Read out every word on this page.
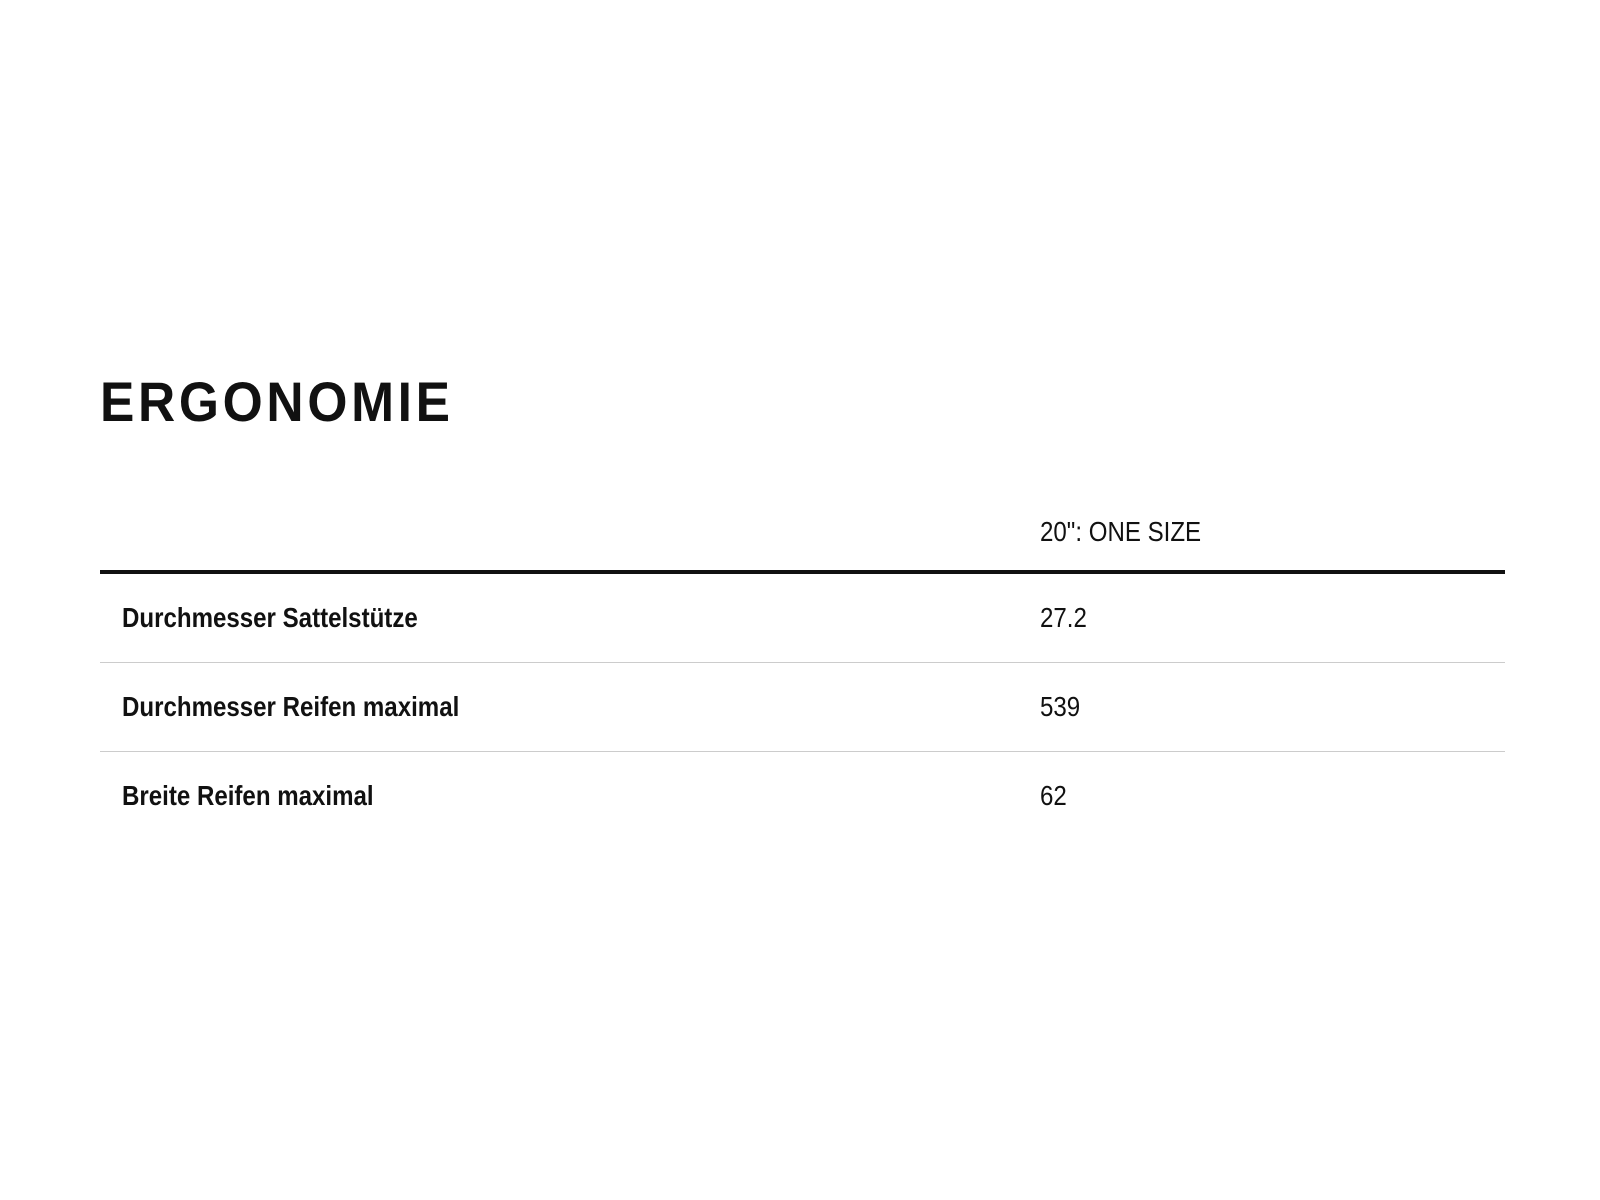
ERGONOMIE
	20": ONE SIZE
Durchmesser Sattelstütze	27.2
Durchmesser Reifen maximal	539
Breite Reifen maximal	62
